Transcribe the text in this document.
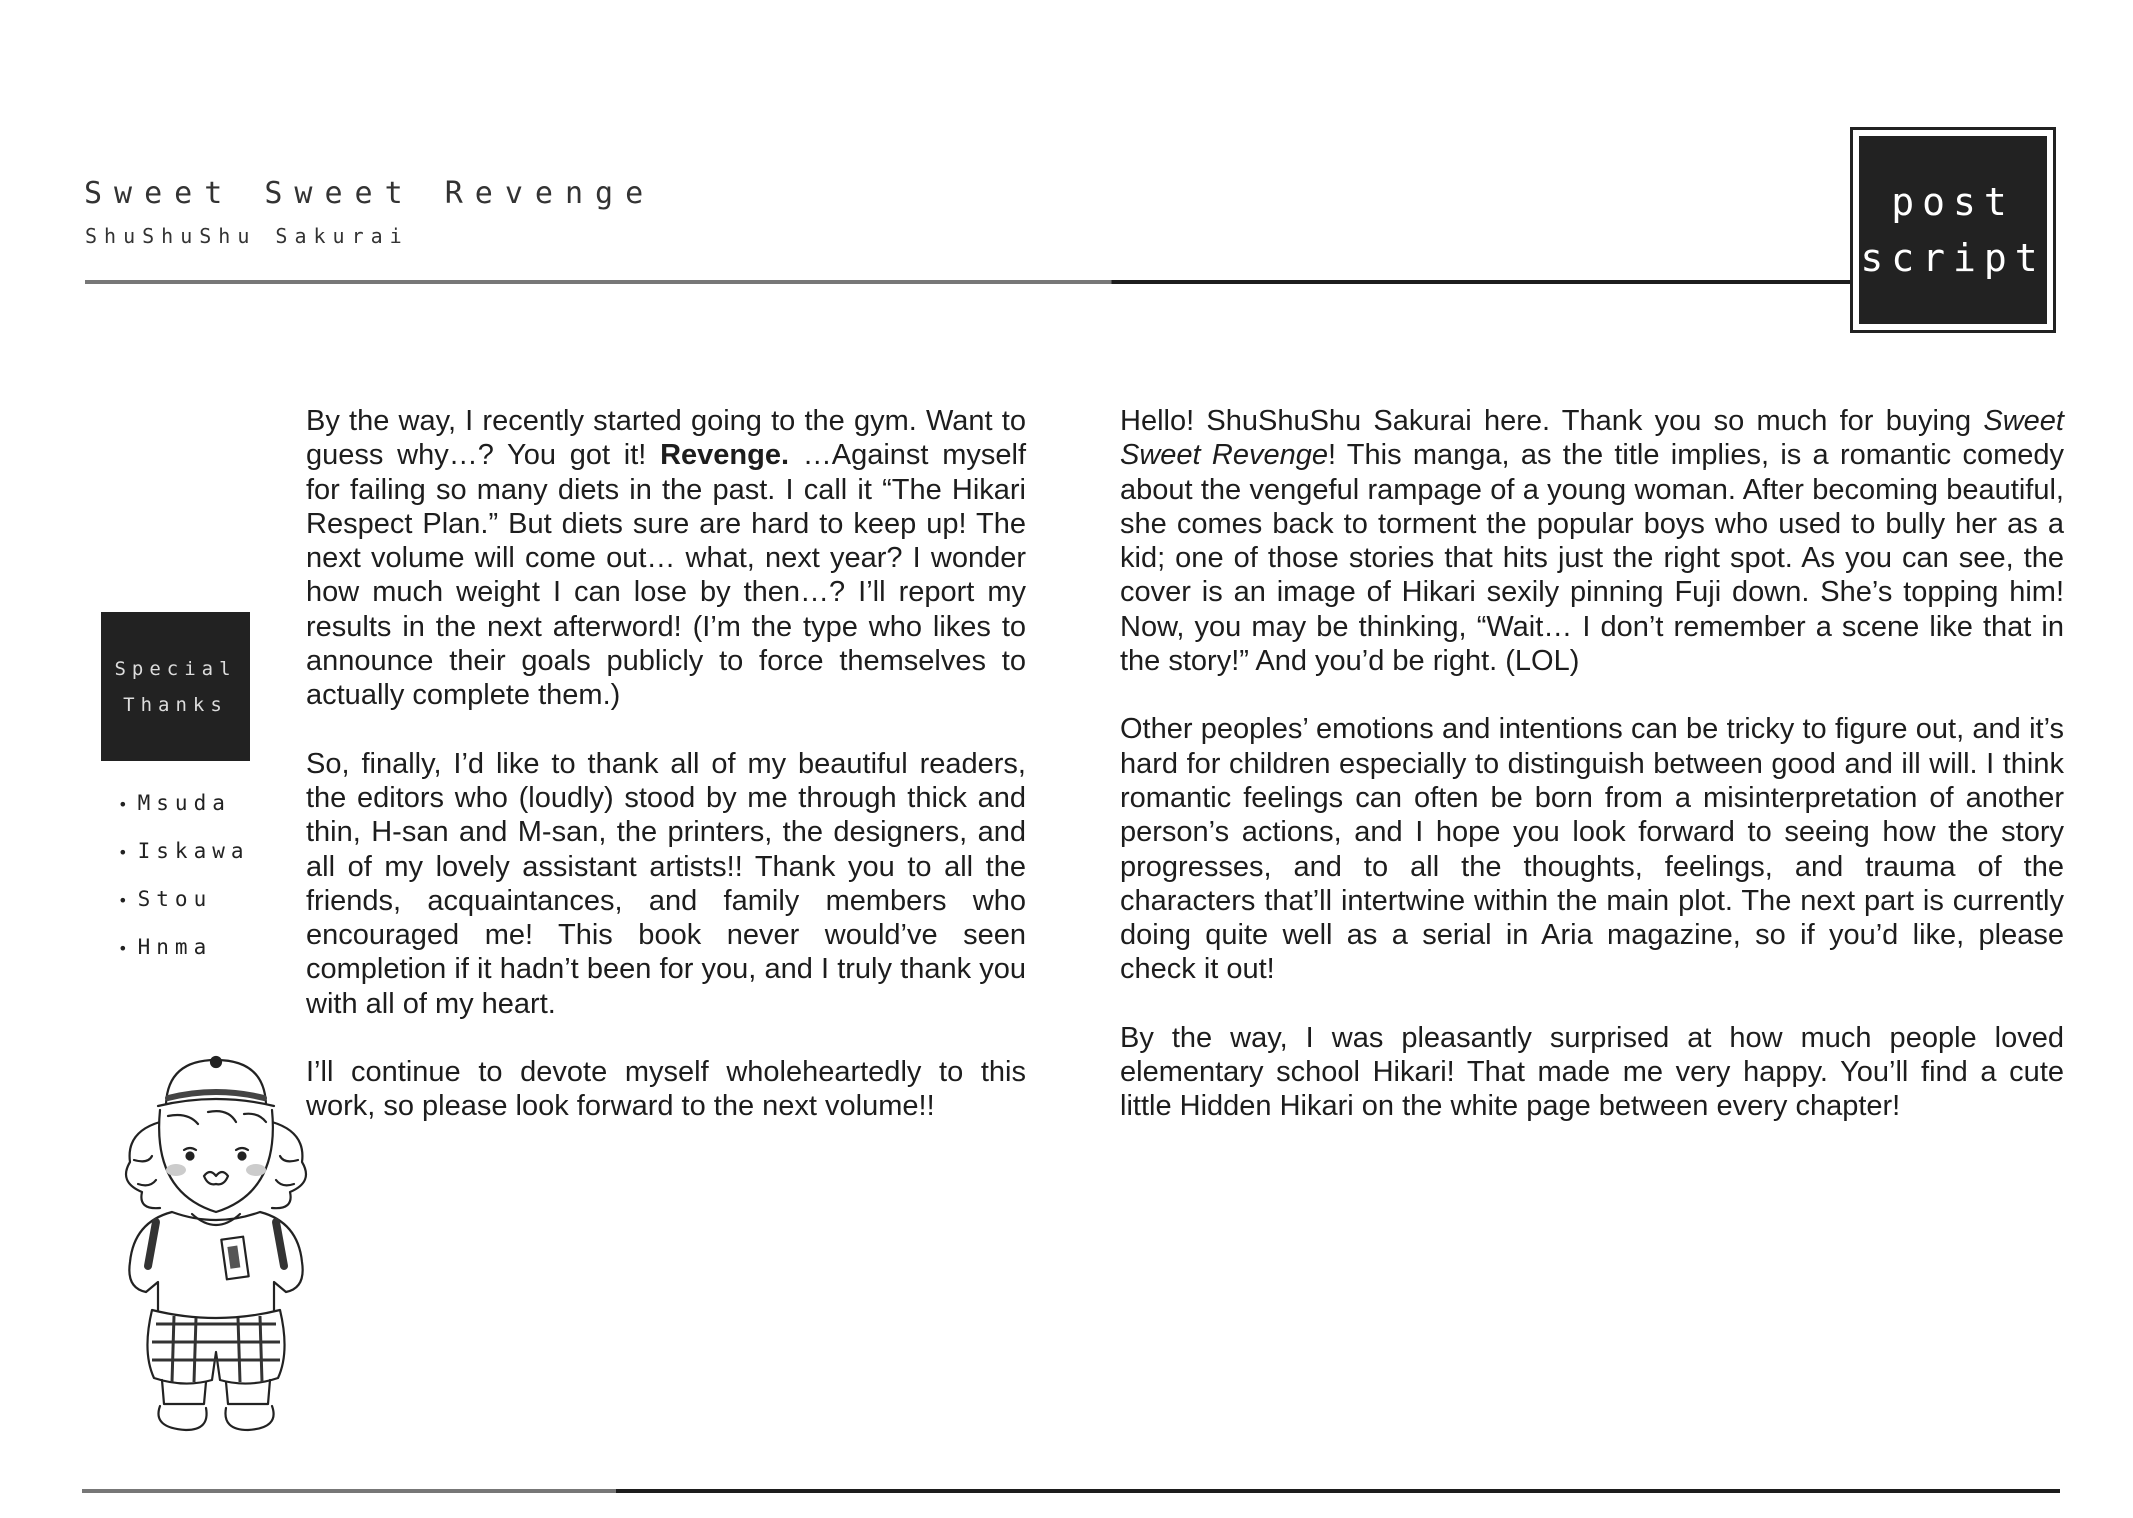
Sweet Sweet Revenge
ShuShuShu Sakurai
post
script
Special
Thanks
• Msuda
• Iskawa
• Stou
• Hnma

By the way, I recently started going to the gym. Want to guess why…? You got it! Revenge. …Against myself for failing so many diets in the past. I call it “The Hikari Respect Plan.” But diets sure are hard to keep up! The next volume will come out… what, next year? I wonder how much weight I can lose by then…? I’ll report my results in the next afterword! (I’m the type who likes to announce their goals publicly to force themselves to actually complete them.)

So, finally, I’d like to thank all of my beautiful readers, the editors who (loudly) stood by me through thick and thin, H-san and M-san, the printers, the designers, and all of my lovely assistant artists!! Thank you to all the friends, acquaintances, and family members who encouraged me! This book never would’ve seen completion if it hadn’t been for you, and I truly thank you with all of my heart.

I’ll continue to devote myself wholeheartedly to this work, so please look forward to the next volume!!

Hello! ShuShuShu Sakurai here. Thank you so much for buying Sweet Sweet Revenge! This manga, as the title implies, is a romantic comedy about the vengeful rampage of a young woman. After becoming beautiful, she comes back to torment the popular boys who used to bully her as a kid; one of those stories that hits just the right spot. As you can see, the cover is an image of Hikari sexily pinning Fuji down. She’s topping him! Now, you may be thinking, “Wait… I don’t remember a scene like that in the story!” And you’d be right. (LOL)

Other peoples’ emotions and intentions can be tricky to figure out, and it’s hard for children especially to distinguish between good and ill will. I think romantic feelings can often be born from a misinterpretation of another person’s actions, and I hope you look forward to seeing how the story progresses, and to all the thoughts, feelings, and trauma of the characters that’ll intertwine within the main plot. The next part is currently doing quite well as a serial in Aria magazine, so if you’d like, please check it out!

By the way, I was pleasantly surprised at how much people loved elementary school Hikari! That made me very happy. You’ll find a cute little Hidden Hikari on the white page between every chapter!
